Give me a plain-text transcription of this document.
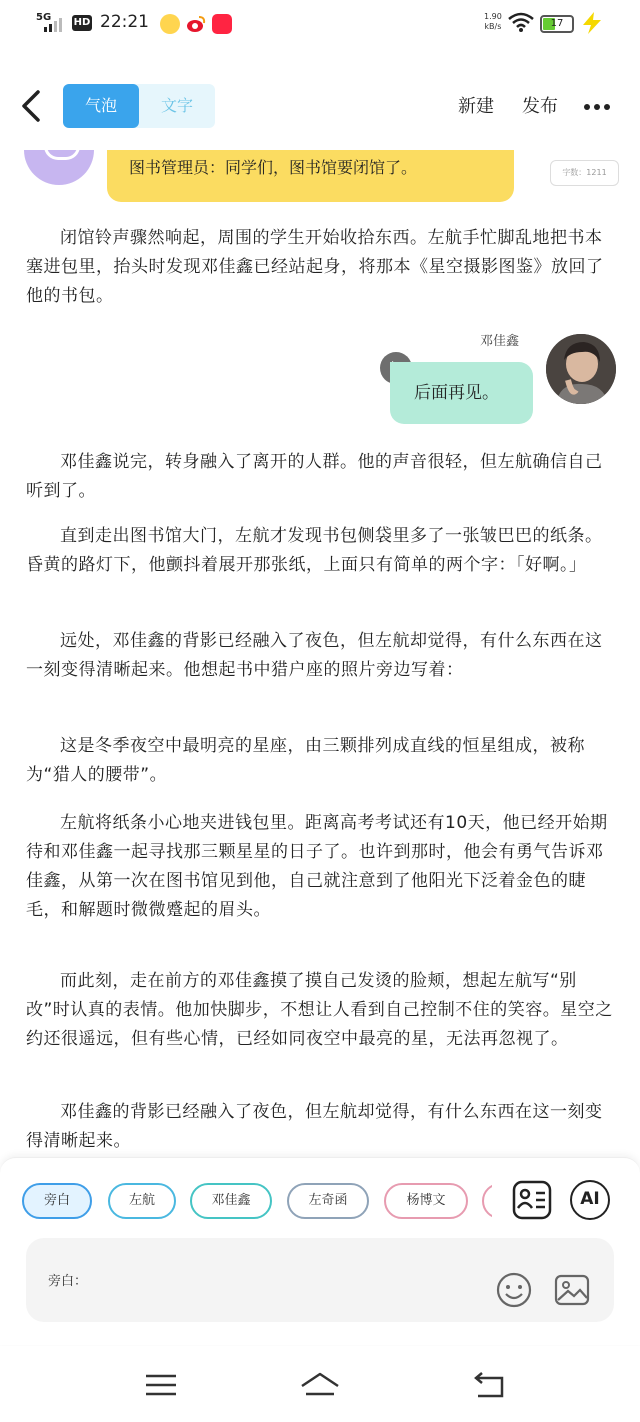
5G HD 22:21	1.90
kB/s	17
气泡	文字	新建 发布
图书管理员：同学们，图书馆要闭馆了。	字数：1211

闭馆铃声骤然响起，周围的学生开始收拾东西。左航手忙脚乱地把书本塞进包里，抬头时发现邓佳鑫已经站起身，将那本《星空摄影图鉴》放回了他的书包。

邓佳鑫
后面再见。

邓佳鑫说完，转身融入了离开的人群。他的声音很轻，但左航确信自己听到了。

直到走出图书馆大门，左航才发现书包侧袋里多了一张皱巴巴的纸条。昏黄的路灯下，他颤抖着展开那张纸，上面只有简单的两个字：「好啊。」

远处，邓佳鑫的背影已经融入了夜色，但左航却觉得，有什么东西在这一刻变得清晰起来。他想起书中猎户座的照片旁边写着：

这是冬季夜空中最明亮的星座，由三颗排列成直线的恒星组成，被称为“猎人的腰带”。

左航将纸条小心地夹进钱包里。距离高考考试还有10天，他已经开始期待和邓佳鑫一起寻找那三颗星星的日子了。也许到那时，他会有勇气告诉邓佳鑫，从第一次在图书馆见到他，自己就注意到了他阳光下泛着金色的睫毛，和解题时微微蹙起的眉头。

而此刻，走在前方的邓佳鑫摸了摸自己发烫的脸颊，想起左航写“别改”时认真的表情。他加快脚步，不想让人看到自己控制不住的笑容。星空之约还很遥远，但有些心情，已经如同夜空中最亮的星，无法再忽视了。

邓佳鑫的背影已经融入了夜色，但左航却觉得，有什么东西在这一刻变得清晰起来。

旁白	左航	邓佳鑫	左奇函	杨博文	AI
旁白：
